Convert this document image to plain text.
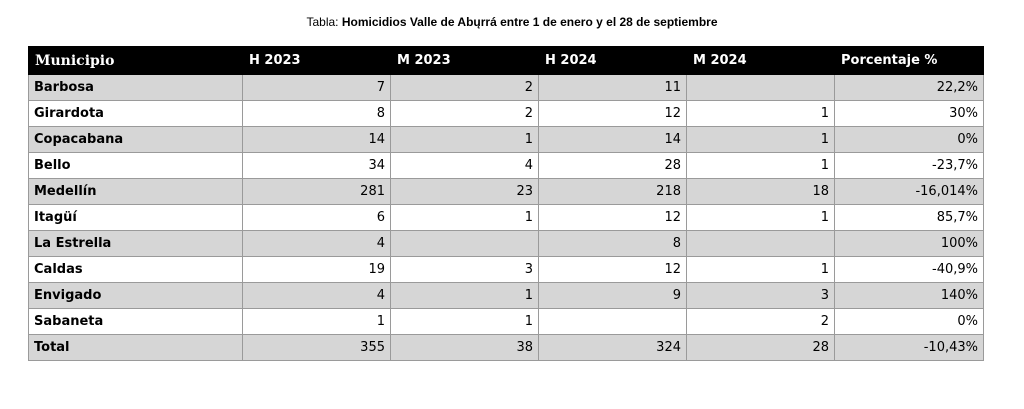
Tabla: Homicidios Valle de Abųrrá entre 1 de enero y el 28 de septiembre
Municipio	H 2023	M 2023	H 2024	M 2024	Porcentaje %
Barbosa	7	2	11		22,2%
Girardota	8	2	12	1	30%
Copacabana	14	1	14	1	0%
Bello	34	4	28	1	-23,7%
Medellín	281	23	218	18	-16,014%
Itagüí	6	1	12	1	85,7%
La Estrella	4		8		100%
Caldas	19	3	12	1	-40,9%
Envigado	4	1	9	3	140%
Sabaneta	1	1		2	0%
Total	355	38	324	28	-10,43%
